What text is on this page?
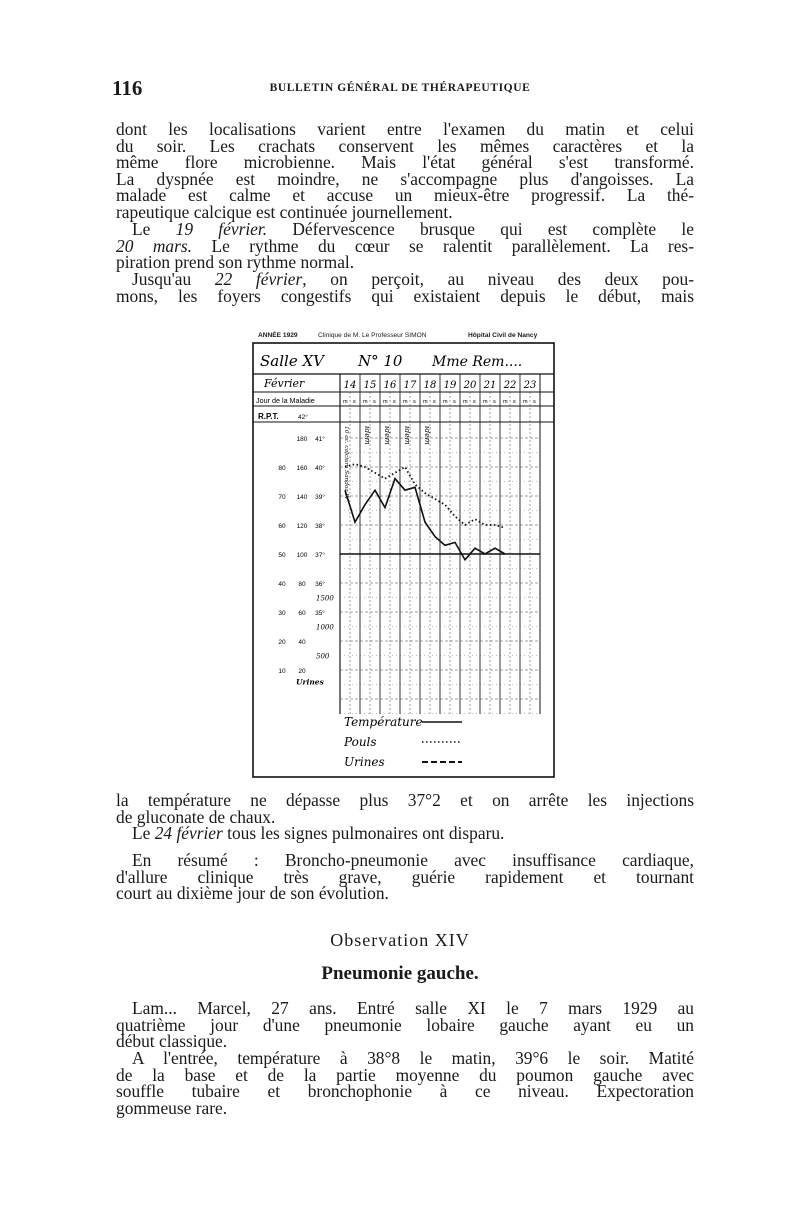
116	BULLETIN GÉNÉRAL DE THÉRAPEUTIQUE
dont les localisations varient entre l'examen du matin et celui
du soir. Les crachats conservent les mêmes caractères et la
même flore microbienne. Mais l'état général s'est transformé.
La dyspnée est moindre, ne s'accompagne plus d'angoisses. La
malade est calme et accuse un mieux-être progressif. La thé-
rapeutique calcique est continuée journellement.
Le 19 février. Défervescence brusque qui est complète le
20 mars. Le rythme du cœur se ralentit parallèlement. La res-
piration prend son rythme normal.
Jusqu'au 22 février, on perçoit, au niveau des deux pou-
mons, les foyers congestifs qui existaient depuis le début, mais
ANNÉE 1929	Clinique de M. Le Professeur SIMON	Hôpital Civil de Nancy
Salle XV N° 10 Mme Rem....
Février
Jour de la Maladie
R.P.T.	42°
m s m s m s m s m s m s m s m s m s m s
14 15 16 17 18 19 20 21 22 23
180 41°
80 160 40°
70 140 39°
60 120 38°
50 100 37°
40 80 36°
30 60 35°
20 40
10 20
1500
1000
500
Urines
10 cc. calcium Sandoz IV idem idem idem idem
Température
Pouls
Urines
la température ne dépasse plus 37°2 et on arrête les injections
de gluconate de chaux.
Le 24 février tous les signes pulmonaires ont disparu.
En résumé : Broncho-pneumonie avec insuffisance cardiaque,
d'allure clinique très grave, guérie rapidement et tournant
court au dixième jour de son évolution.
Observation XIV
Pneumonie gauche.
Lam... Marcel, 27 ans. Entré salle XI le 7 mars 1929 au
quatrième jour d'une pneumonie lobaire gauche ayant eu un
début classique.
A l'entrée, température à 38°8 le matin, 39°6 le soir. Matité
de la base et de la partie moyenne du poumon gauche avec
souffle tubaire et bronchophonie à ce niveau. Expectoration
gommeuse rare.
